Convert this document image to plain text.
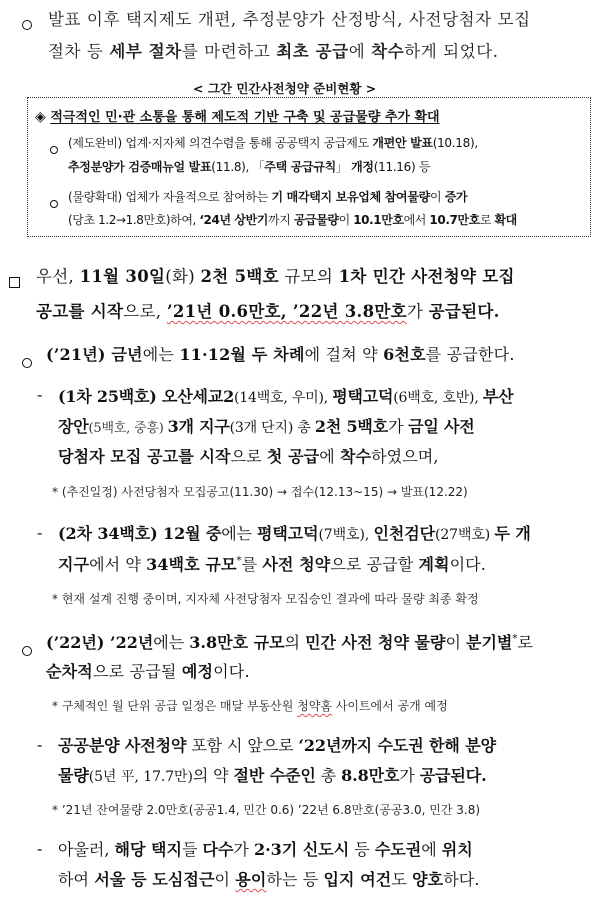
발표 이후 택지제도 개편, 추정분양가 산정방식, 사전당첨자 모집
절차 등 세부 절차를 마련하고 최초 공급에 착수하게 되었다.
< 그간 민간사전청약 준비현황 >
◈ 적극적인 민·관 소통을 통해 제도적 기반 구축 및 공급물량 추가 확대
(제도완비) 업계·지자체 의견수렴을 통해 공공택지 공급제도 개편안 발표(10.18),
추정분양가 검증매뉴얼 발표(11.8), 「주택 공급규칙」 개정(11.16) 등
(물량확대) 업체가 자율적으로 참여하는 기 매각택지 보유업체 참여물량이 증가
(당초 1.2→1.8만호)하여, ‘24년 상반기까지 공급물량이 10.1만호에서 10.7만호로 확대
우선, 11월 30일(화) 2천 5백호 규모의 1차 민간 사전청약 모집
공고를 시작으로, ’21년 0.6만호, ’22년 3.8만호가 공급된다.
(’21년) 금년에는 11·12월 두 차례에 걸쳐 약 6천호를 공급한다.
- (1차 25백호) 오산세교2(14백호, 우미), 평택고덕(6백호, 호반), 부산
장안(5백호, 중흥) 3개 지구(3개 단지) 총 2천 5백호가 금일 사전
당첨자 모집 공고를 시작으로 첫 공급에 착수하였으며,
* (추진일정) 사전당첨자 모집공고(11.30) → 접수(12.13~15) → 발표(12.22)
- (2차 34백호) 12월 중에는 평택고덕(7백호), 인천검단(27백호) 두 개
지구에서 약 34백호 규모*를 사전 청약으로 공급할 계획이다.
* 현재 설계 진행 중이며, 지자체 사전당첨자 모집승인 결과에 따라 물량 최종 확정
(’22년) ’22년에는 3.8만호 규모의 민간 사전 청약 물량이 분기별*로
순차적으로 공급될 예정이다.
* 구체적인 월 단위 공급 일정은 매달 부동산원 청약홈 사이트에서 공개 예정
- 공공분양 사전청약 포함 시 앞으로 ‘22년까지 수도권 한해 분양
물량(5년 平, 17.7만)의 약 절반 수준인 총 8.8만호가 공급된다.
* ’21년 잔여물량 2.0만호(공공1.4, 민간 0.6) ’22년 6.8만호(공공3.0, 민간 3.8)
- 아울러, 해당 택지들 다수가 2·3기 신도시 등 수도권에 위치
하여 서울 등 도심접근이 용이하는 등 입지 여건도 양호하다.
